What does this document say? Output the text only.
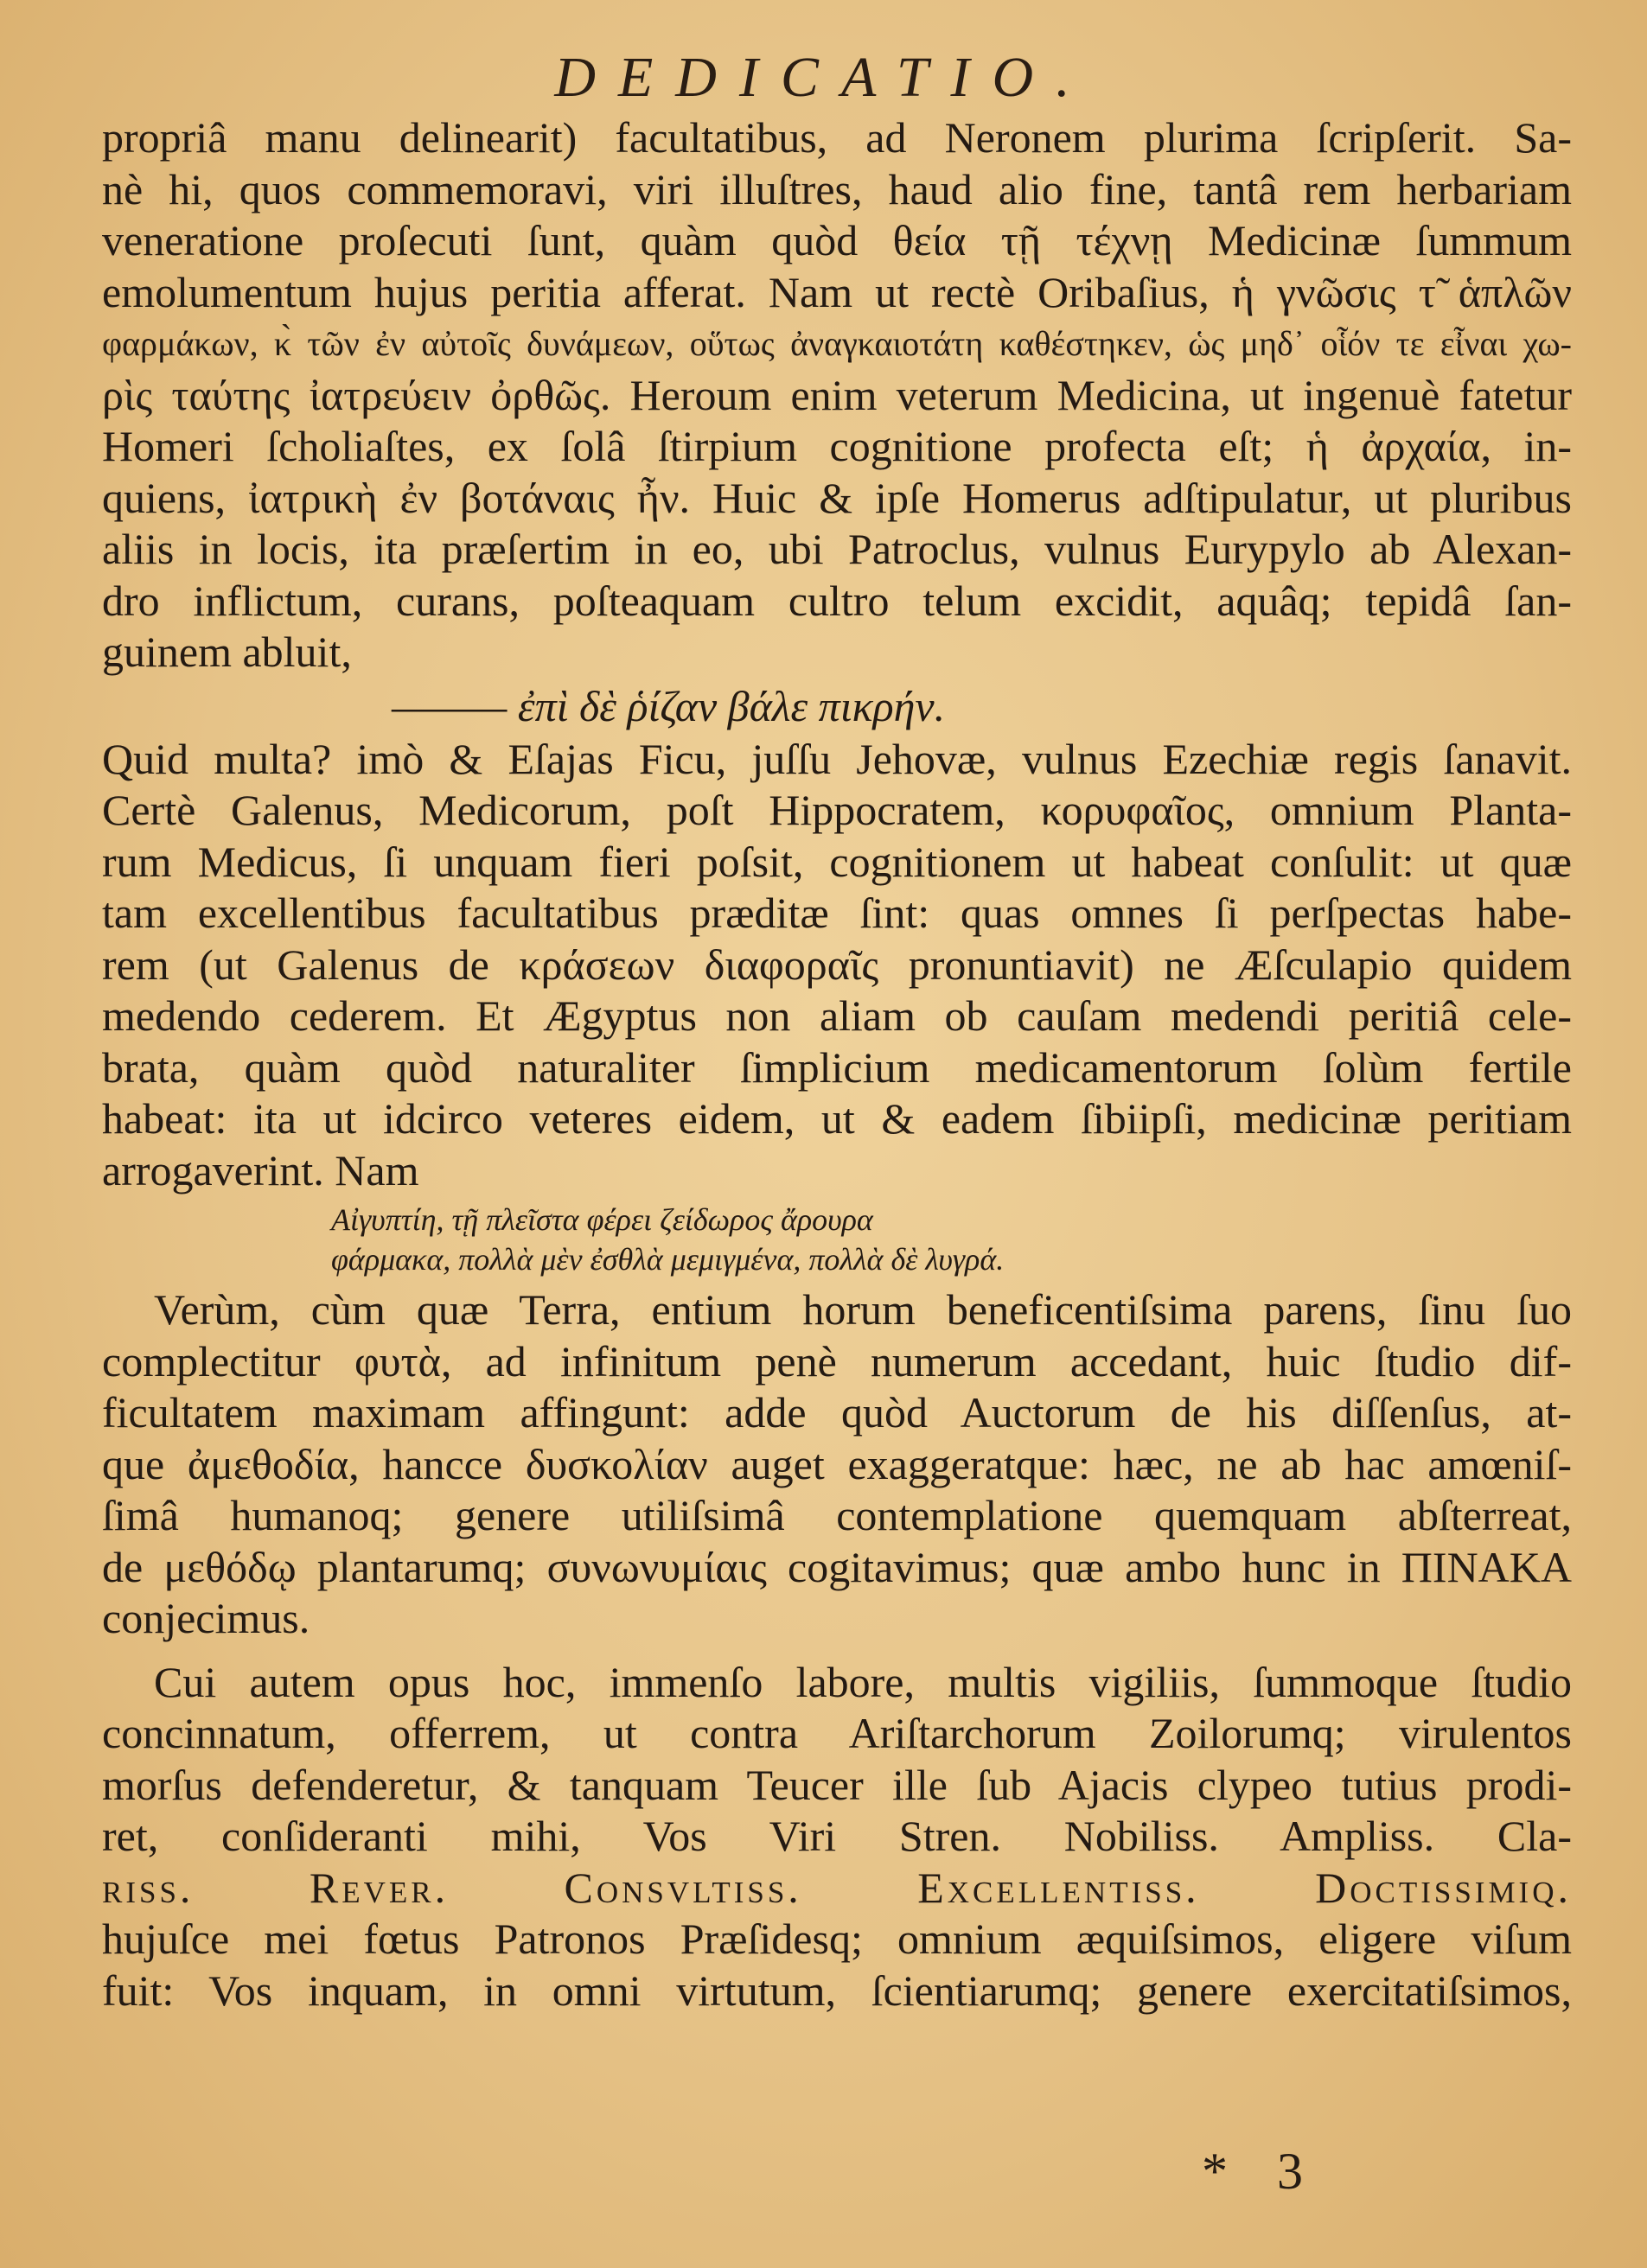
DEDICATIO.
propriâ manu delinearit) facultatibus, ad Neronem plurima ſcripſerit. Sa-
nè hi, quos commemoravi, viri illuſtres, haud alio fine, tantâ rem herbariam
veneratione proſecuti ſunt, quàm quòd θεία τῇ τέχνῃ Medicinæ ſummum
emolumentum hujus peritia afferat. Nam ut rectè Oribaſius, ἡ γνῶσις τ̃ ἁπλῶν
φαρμάκων, κ̀ τῶν ἐν αὐτοῖς δυνάμεων, οὕτως ἀναγκαιοτάτη καθέστηκεν, ὡς μηδ᾽ οἷόν τε εἶναι χω-
ρὶς ταύτης ἰατρεύειν ὀρθῶς. Heroum enim veterum Medicina, ut ingenuè fatetur
Homeri ſcholiaſtes, ex ſolâ ſtirpium cognitione profecta eſt; ἡ ἀρχαία, in-
quiens, ἰατρικὴ ἐν βοτάναις ἦν. Huic & ipſe Homerus adſtipulatur, ut pluribus
aliis in locis, ita præſertim in eo, ubi Patroclus, vulnus Eurypylo ab Alexan-
dro inflictum, curans, poſteaquam cultro telum excidit, aquâq; tepidâ ſan-
guinem abluit,
——— ἐπὶ δὲ ῥίζαν βάλε πικρήν.
Quid multa? imò & Eſajas Ficu, juſſu Jehovæ, vulnus Ezechiæ regis ſanavit.
Certè Galenus, Medicorum, poſt Hippocratem, κορυφαῖος, omnium Planta-
rum Medicus, ſi unquam fieri poſsit, cognitionem ut habeat conſulit: ut quæ
tam excellentibus facultatibus præditæ ſint: quas omnes ſi perſpectas habe-
rem (ut Galenus de κράσεων διαφοραῖς pronuntiavit) ne Æſculapio quidem
medendo cederem. Et Ægyptus non aliam ob cauſam medendi peritiâ cele-
brata, quàm quòd naturaliter ſimplicium medicamentorum ſolùm fertile
habeat: ita ut idcirco veteres eidem, ut & eadem ſibiipſi, medicinæ peritiam
arrogaverint. Nam
Αἰγυπτίη, τῇ πλεῖστα φέρει ζείδωρος ἄρουρα
φάρμακα, πολλὰ μὲν ἐσθλὰ μεμιγμένα, πολλὰ δὲ λυγρά.
Verùm, cùm quæ Terra, entium horum beneficentiſsima parens, ſinu ſuo
complectitur φυτὰ, ad infinitum penè numerum accedant, huic ſtudio dif-
ficultatem maximam affingunt: adde quòd Auctorum de his diſſenſus, at-
que ἀμεθοδία, hancce δυσκολίαν auget exaggeratque: hæc, ne ab hac amœniſ-
ſimâ humanoq; genere utiliſsimâ contemplatione quemquam abſterreat,
de μεθόδῳ plantarumq; συνωνυμίαις cogitavimus; quæ ambo hunc in ΠΙΝΑΚΑ
conjecimus.
Cui autem opus hoc, immenſo labore, multis vigiliis, ſummoque ſtudio
concinnatum, offerrem, ut contra Ariſtarchorum Zoilorumq; virulentos
morſus defenderetur, & tanquam Teucer ille ſub Ajacis clypeo tutius prodi-
ret, conſideranti mihi, Vos Viri Stren. Nobiliss. Ampliss. Cla-
riss. Rever. Consvltiss. Excellentiss. Doctissimiq.
hujuſce mei fœtus Patronos Præſidesq; omnium æquiſsimos, eligere viſum
fuit: Vos inquam, in omni virtutum, ſcientiarumq; genere exercitatiſsimos,
* 3
